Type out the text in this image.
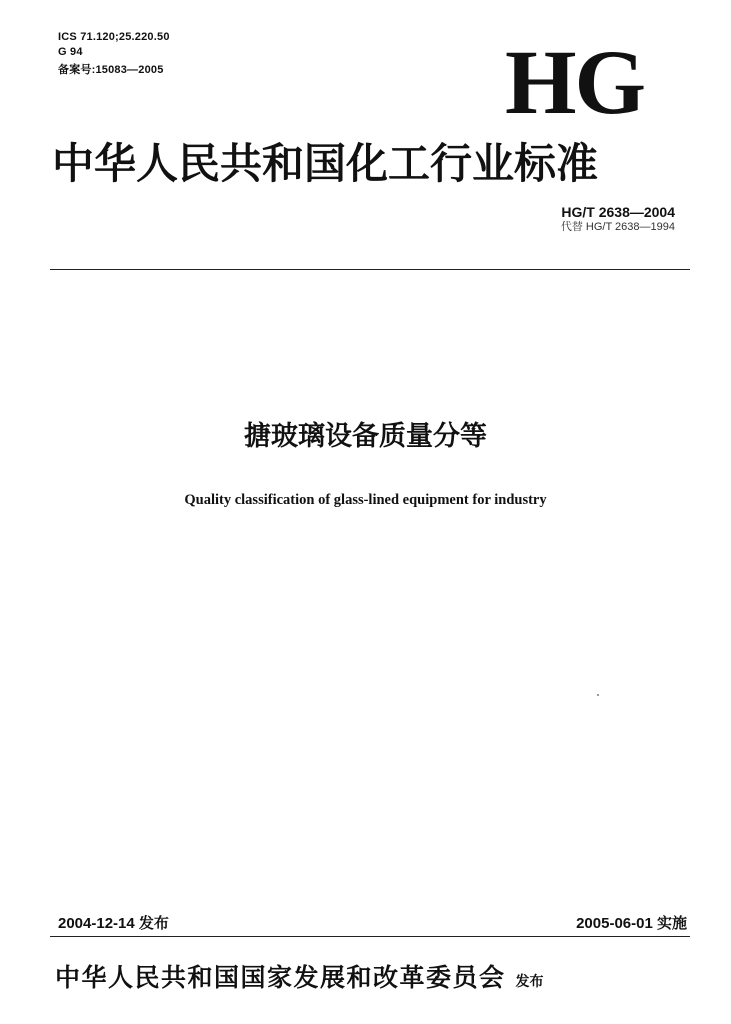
ICS 71.120;25.220.50
G 94
备案号:15083—2005	HG
中华人民共和国化工行业标准
HG/T 2638—2004
代替 HG/T 2638—1994
搪玻璃设备质量分等
Quality classification of glass-lined equipment for industry
2004-12-14 发布	2005-06-01 实施
中华人民共和国国家发展和改革委员会 发布
